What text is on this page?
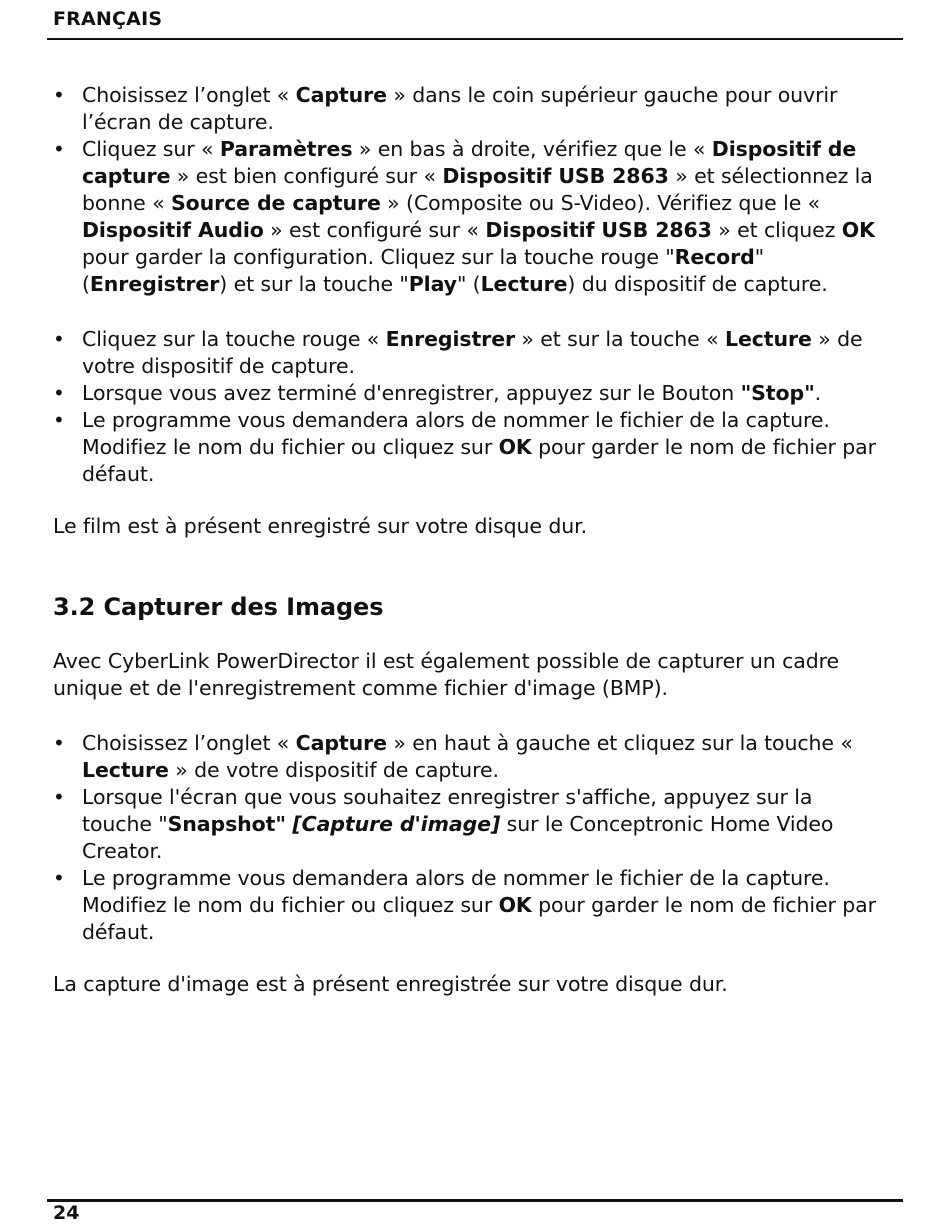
FRANÇAIS
• Choisissez l’onglet « Capture » dans le coin supérieur gauche pour ouvrir l’écran de capture.
• Cliquez sur « Paramètres » en bas à droite, vérifiez que le « Dispositif de capture » est bien configuré sur « Dispositif USB 2863 » et sélectionnez la bonne « Source de capture » (Composite ou S-Video). Vérifiez que le « Dispositif Audio » est configuré sur « Dispositif USB 2863 » et cliquez OK pour garder la configuration. Cliquez sur la touche rouge "Record" (Enregistrer) et sur la touche "Play" (Lecture) du dispositif de capture.
• Cliquez sur la touche rouge « Enregistrer » et sur la touche « Lecture » de votre dispositif de capture.
• Lorsque vous avez terminé d'enregistrer, appuyez sur le Bouton "Stop".
• Le programme vous demandera alors de nommer le fichier de la capture. Modifiez le nom du fichier ou cliquez sur OK pour garder le nom de fichier par défaut.

Le film est à présent enregistré sur votre disque dur.

3.2 Capturer des Images

Avec CyberLink PowerDirector il est également possible de capturer un cadre unique et de l'enregistrement comme fichier d'image (BMP).

• Choisissez l’onglet « Capture » en haut à gauche et cliquez sur la touche « Lecture » de votre dispositif de capture.
• Lorsque l'écran que vous souhaitez enregistrer s'affiche, appuyez sur la touche "Snapshot" [Capture d'image] sur le Conceptronic Home Video Creator.
• Le programme vous demandera alors de nommer le fichier de la capture. Modifiez le nom du fichier ou cliquez sur OK pour garder le nom de fichier par défaut.

La capture d'image est à présent enregistrée sur votre disque dur.

24
